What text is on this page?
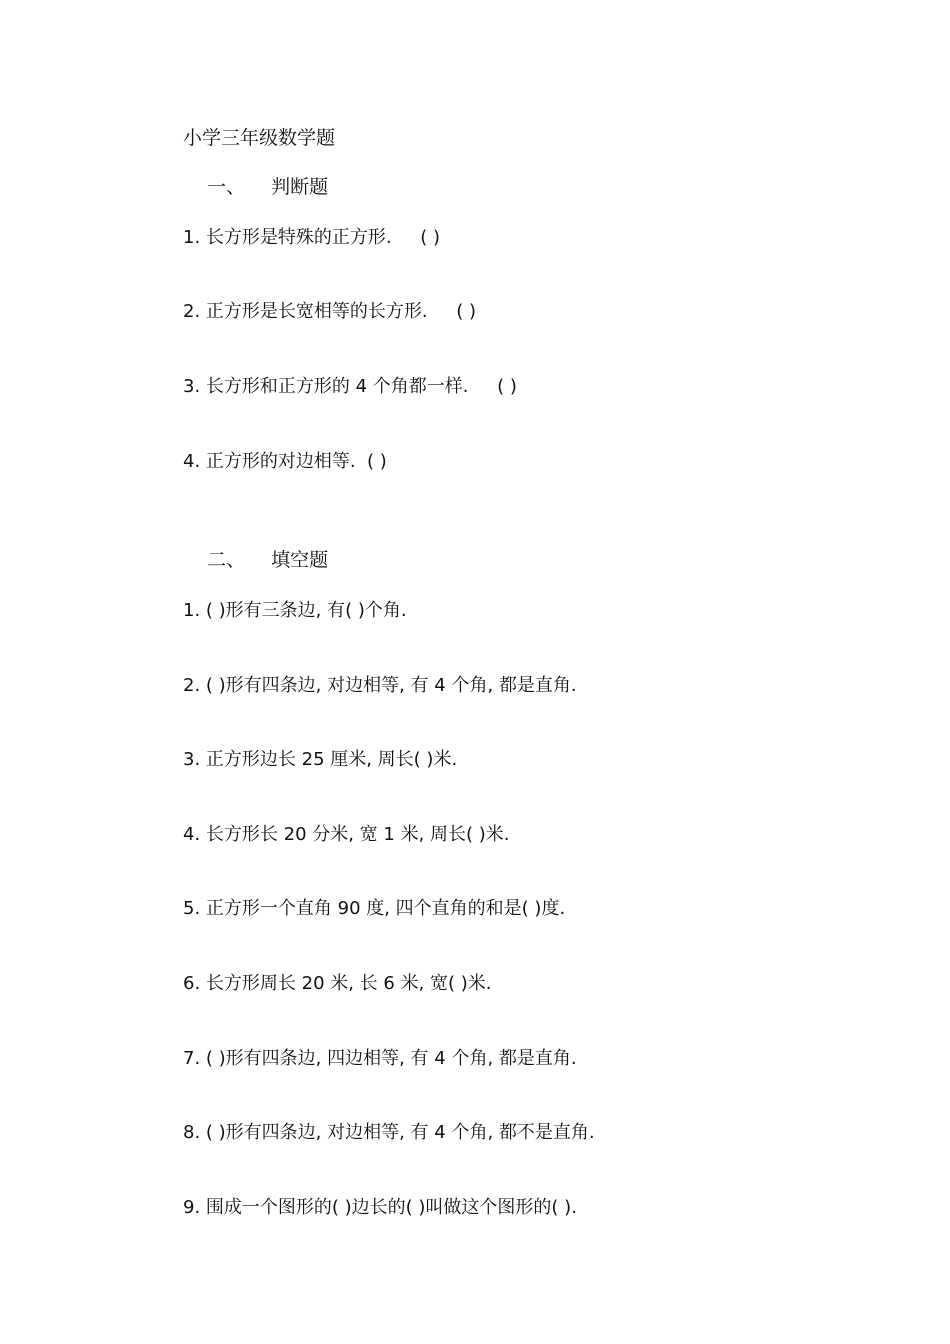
小学三年级数学题

一、 判断题

1. 长方形是特殊的正方形.     ( )
2. 正方形是长宽相等的长方形.     ( )
3. 长方形和正方形的 4 个角都一样.     ( )
4. 正方形的对边相等.  ( )

二、 填空题

1. ( )形有三条边, 有( )个角.
2. ( )形有四条边, 对边相等, 有 4 个角, 都是直角.
3. 正方形边长 25 厘米, 周长( )米.
4. 长方形长 20 分米, 宽 1 米, 周长( )米.
5. 正方形一个直角 90 度, 四个直角的和是( )度.
6. 长方形周长 20 米, 长 6 米, 宽( )米.
7. ( )形有四条边, 四边相等, 有 4 个角, 都是直角.
8. ( )形有四条边, 对边相等, 有 4 个角, 都不是直角.
9. 围成一个图形的( )边长的( )叫做这个图形的( ).
